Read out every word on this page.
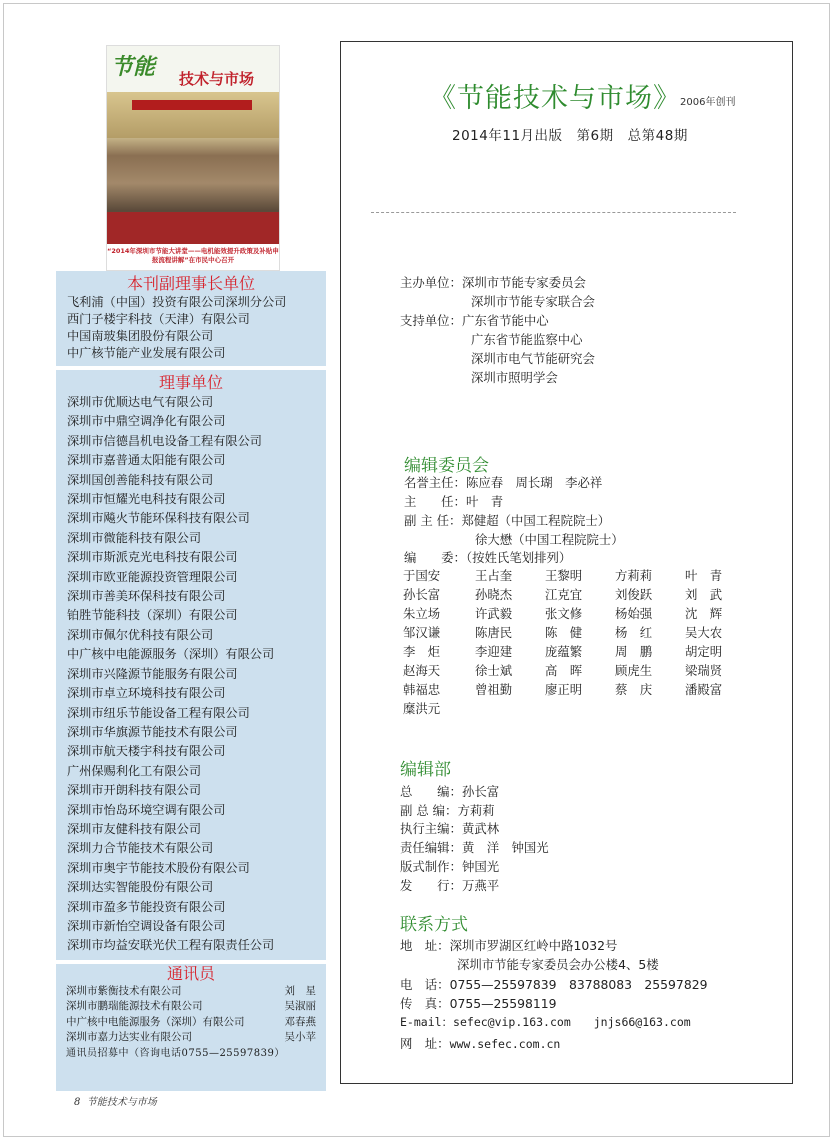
节能 技术与市场
“2014年深圳市节能大讲堂——电机能效提升政策及补贴申报流程讲解”在市民中心召开
本刊副理事长单位
飞利浦（中国）投资有限公司深圳分公司
西门子楼宇科技（天津）有限公司
中国南玻集团股份有限公司
中广核节能产业发展有限公司
理事单位
深圳市优顺达电气有限公司
深圳市中鼎空调净化有限公司
深圳市信德昌机电设备工程有限公司
深圳市嘉普通太阳能有限公司
深圳国创善能科技有限公司
深圳市恒耀光电科技有限公司
深圳市飚火节能环保科技有限公司
深圳市微能科技有限公司
深圳市斯派克光电科技有限公司
深圳市欧亚能源投资管理限公司
深圳市善美环保科技有限公司
铂胜节能科技（深圳）有限公司
深圳市佩尔优科技有限公司
中广核中电能源服务（深圳）有限公司
深圳市兴隆源节能服务有限公司
深圳市卓立环境科技有限公司
深圳市纽乐节能设备工程有限公司
深圳市华旗源节能技术有限公司
深圳市航天楼宇科技有限公司
广州保赐利化工有限公司
深圳市开朗科技有限公司
深圳市怡岛环境空调有限公司
深圳市友健科技有限公司
深圳力合节能技术有限公司
深圳市奥宇节能技术股份有限公司
深圳达实智能股份有限公司
深圳市盈多节能投资有限公司
深圳市新怡空调设备有限公司
深圳市均益安联光伏工程有限责任公司
通讯员
深圳市紫衡技术有限公司	刘　星
深圳市鹏瑞能源技术有限公司	吴淑丽
中广核中电能源服务（深圳）有限公司	邓春燕
深圳市嘉力达实业有限公司	吴小苹
通讯员招募中（咨询电话0755—25597839）
《节能技术与市场》 2006年创刊
2014年11月出版 第6期 总第48期
主办单位：深圳市节能专家委员会
深圳市节能专家联合会
支持单位：广东省节能中心
广东省节能监察中心
深圳市电气节能研究会
深圳市照明学会
编辑委员会
名誉主任：陈应春　周长瑚　李必祥
主　　任：叶　青
副 主 任：郑健超（中国工程院院士）
徐大懋（中国工程院院士）
编　　委：（按姓氏笔划排列）
于国安	王占奎	王黎明	方莉莉	叶　青
孙长富	孙晓杰	江克宜	刘俊跃	刘　武
朱立场	许武毅	张文修	杨始强	沈　辉
邹汉谦	陈唐民	陈　健	杨　红	吴大农
李　炬	李迎建	庞蕴繁	周　鹏	胡定明
赵海天	徐士斌	高　晖	顾虎生	梁瑞贤
韩福忠	曾祖勤	廖正明	蔡　庆	潘殿富
糜洪元
编辑部
总　　编：孙长富
副 总 编：方莉莉
执行主编：黄武林
责任编辑：黄　洋　钟国光
版式制作：钟国光
发　　行：万燕平
联系方式
地　址：深圳市罗湖区红岭中路1032号
深圳市节能专家委员会办公楼4、5楼
电　话：0755—25597839　83788083　25597829
传　真：0755—25598119
E-mail：sefec@vip.163.com　　jnjs66@163.com
网　址：www.sefec.com.cn
8 节能技术与市场
